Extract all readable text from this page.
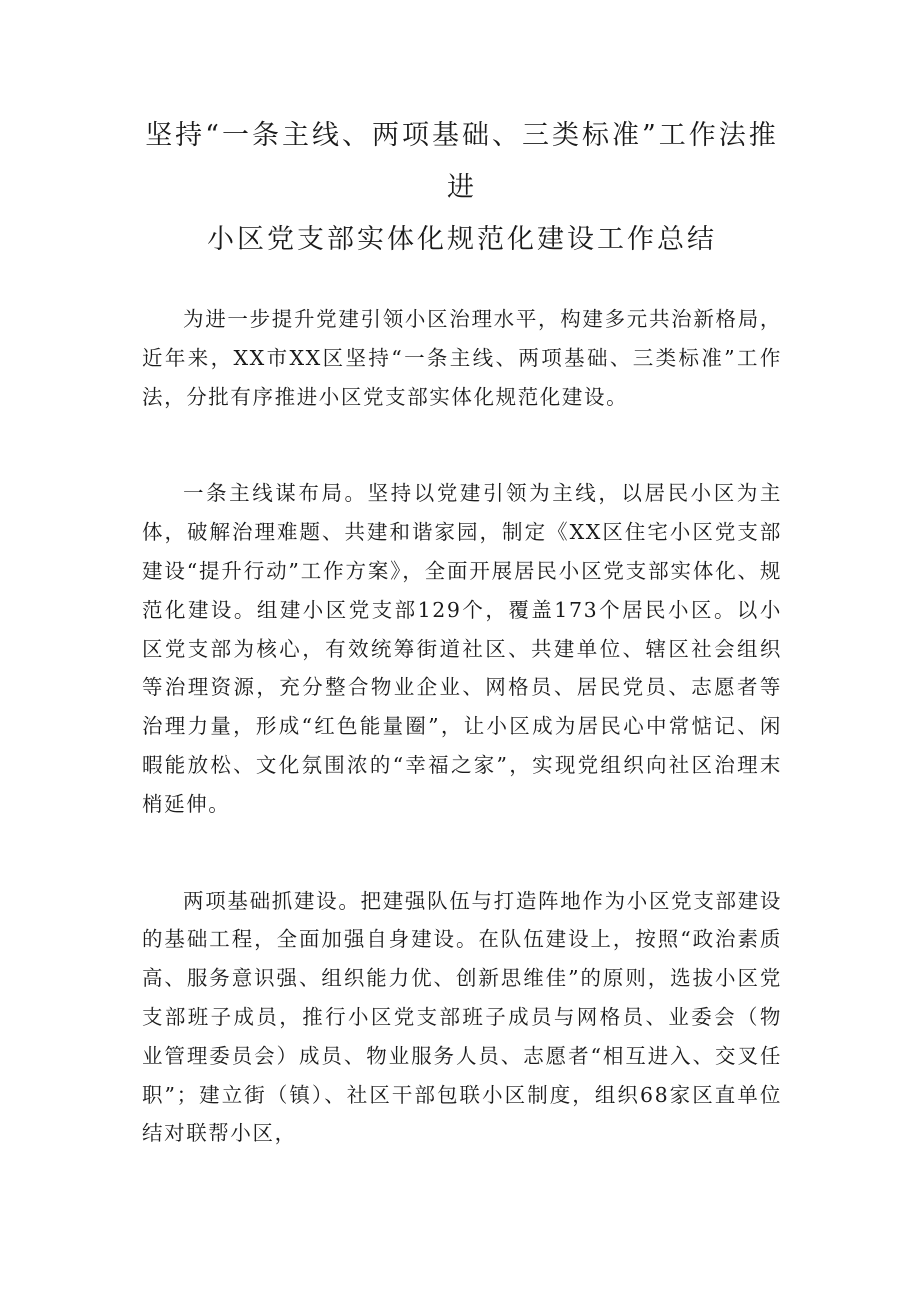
坚持“一条主线、两项基础、三类标准”工作法推进
小区党支部实体化规范化建设工作总结

为进一步提升党建引领小区治理水平，构建多元共治新格局，近年来，XX市XX区坚持“一条主线、两项基础、三类标准”工作法，分批有序推进小区党支部实体化规范化建设。

一条主线谋布局。坚持以党建引领为主线，以居民小区为主体，破解治理难题、共建和谐家园，制定《XX区住宅小区党支部建设“提升行动”工作方案》，全面开展居民小区党支部实体化、规范化建设。组建小区党支部129个，覆盖173个居民小区。以小区党支部为核心，有效统筹街道社区、共建单位、辖区社会组织等治理资源，充分整合物业企业、网格员、居民党员、志愿者等治理力量，形成“红色能量圈”，让小区成为居民心中常惦记、闲暇能放松、文化氛围浓的“幸福之家”，实现党组织向社区治理末梢延伸。

两项基础抓建设。把建强队伍与打造阵地作为小区党支部建设的基础工程，全面加强自身建设。在队伍建设上，按照“政治素质高、服务意识强、组织能力优、创新思维佳”的原则，选拔小区党支部班子成员，推行小区党支部班子成员与网格员、业委会（物业管理委员会）成员、物业服务人员、志愿者“相互进入、交叉任职”；建立街（镇）、社区干部包联小区制度，组织68家区直单位结对联帮小区，
